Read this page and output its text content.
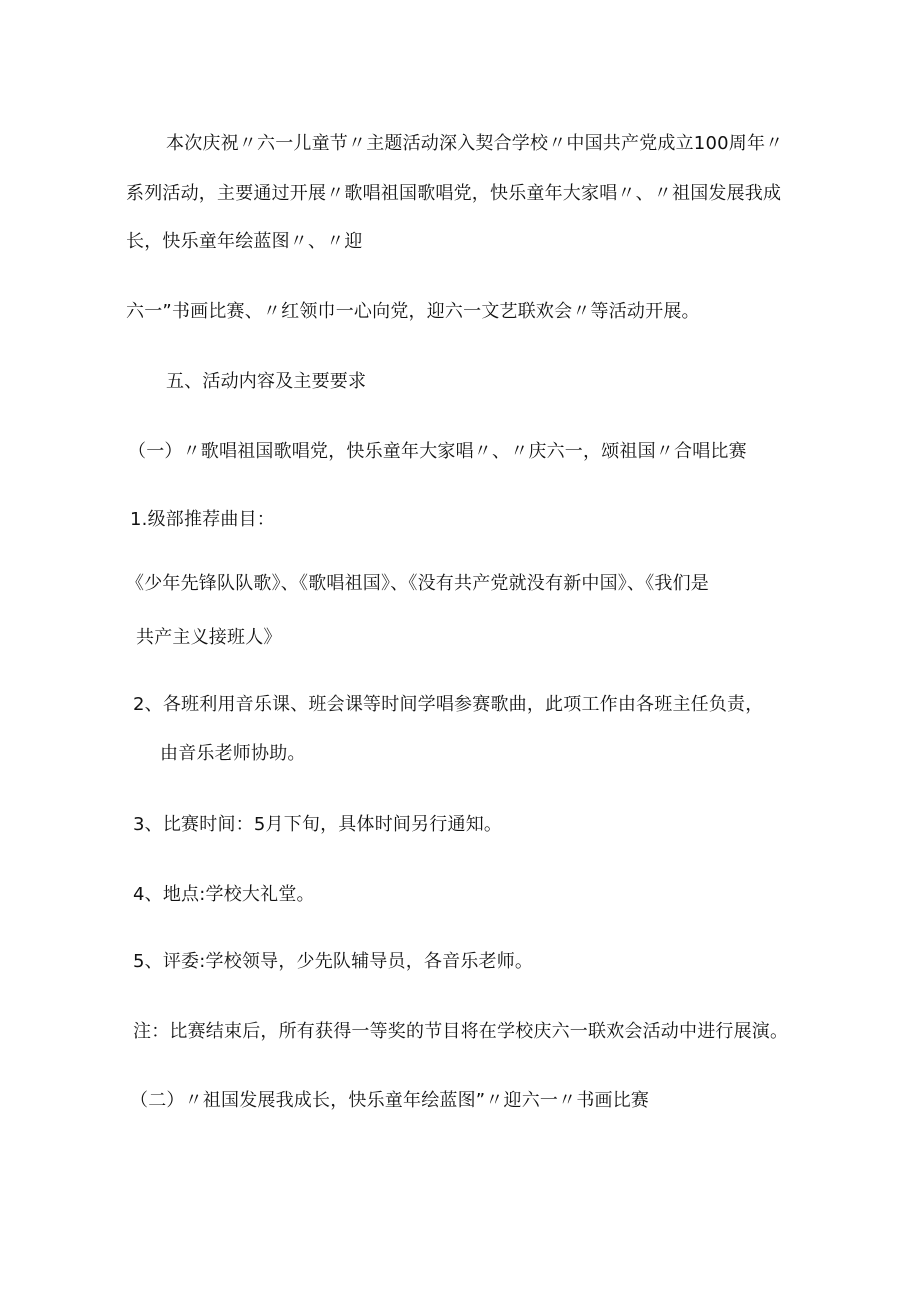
本次庆祝〃六一儿童节〃主题活动深入契合学校〃中国共产党成立100周年〃
系列活动，主要通过开展〃歌唱祖国歌唱党，快乐童年大家唱〃、〃祖国发展我成
长，快乐童年绘蓝图〃、〃迎
六一”书画比赛、〃红领巾一心向党，迎六一文艺联欢会〃等活动开展。
五、活动内容及主要要求
（一）〃歌唱祖国歌唱党，快乐童年大家唱〃、〃庆六一，颂祖国〃合唱比赛
1.级部推荐曲目：
《少年先锋队队歌》、《歌唱祖国》、《没有共产党就没有新中国》、《我们是
共产主义接班人》
2、各班利用音乐课、班会课等时间学唱参赛歌曲，此项工作由各班主任负责，
由音乐老师协助。
3、比赛时间：5月下旬，具体时间另行通知。
4、地点:学校大礼堂。
5、评委:学校领导，少先队辅导员，各音乐老师。
注：比赛结束后，所有获得一等奖的节目将在学校庆六一联欢会活动中进行展演。
（二）〃祖国发展我成长，快乐童年绘蓝图”〃迎六一〃书画比赛
